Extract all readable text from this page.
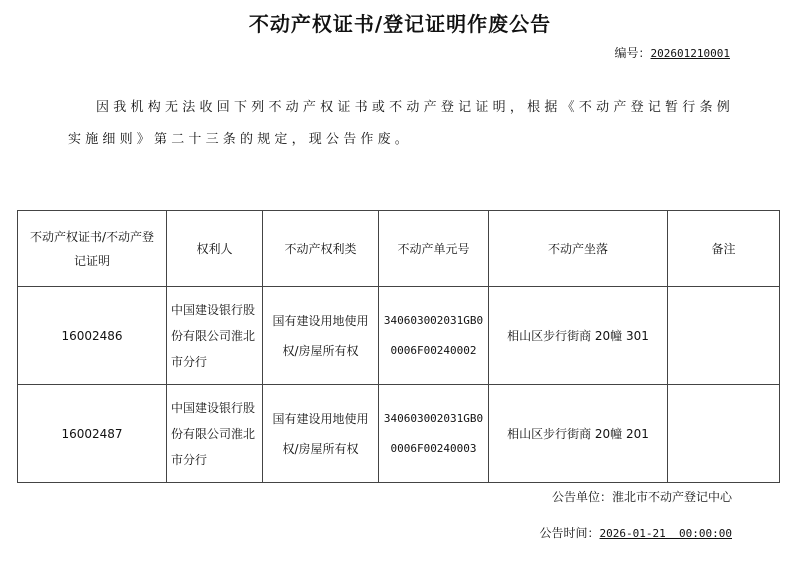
不动产权证书/登记证明作废公告
编号：202601210001
因我机构无法收回下列不动产权证书或不动产登记证明，根据《不动产登记暂行条例实施细则》第二十三条的规定，现公告作废。
不动产权证书/不动产登记证明	权利人	不动产权利类	不动产单元号	不动产坐落	备注
16002486	中国建设银行股份有限公司淮北市分行	国有建设用地使用权/房屋所有权	340603002031GB00006F00240002	相山区步行街商 20幢 301	
16002487	中国建设银行股份有限公司淮北市分行	国有建设用地使用权/房屋所有权	340603002031GB00006F00240003	相山区步行街商 20幢 201	
公告单位：淮北市不动产登记中心
公告时间：2026-01-21  00:00:00
